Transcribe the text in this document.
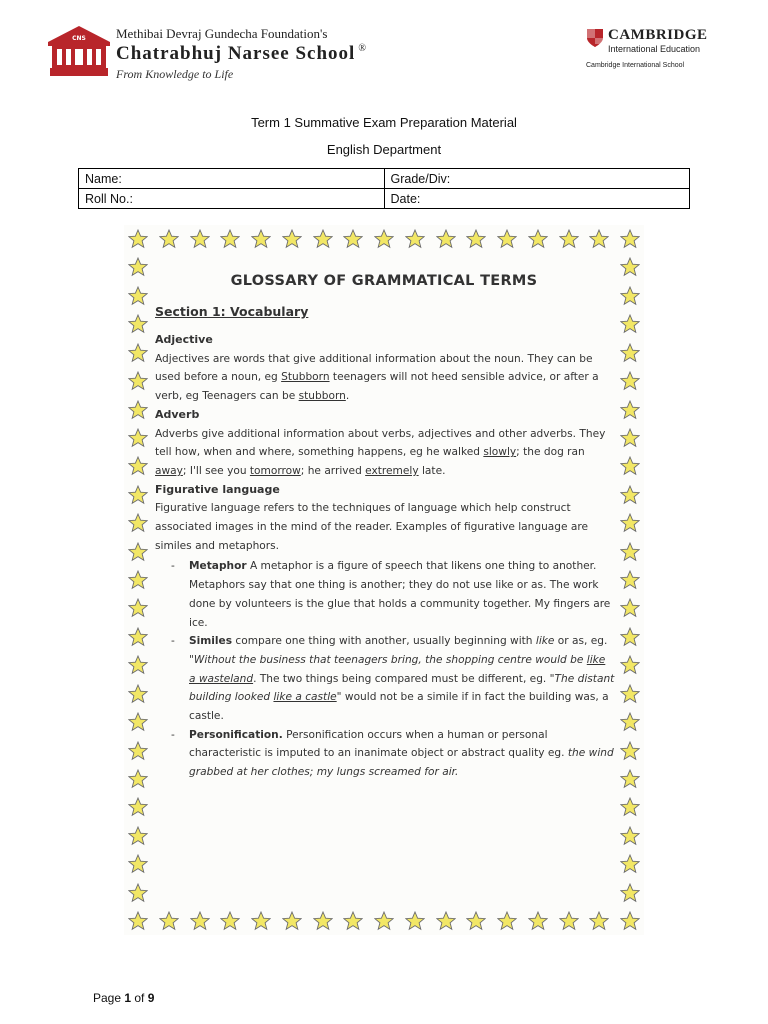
CNS Methibai Devraj Gundecha Foundation's
Chatrabhuj Narsee School ®
From Knowledge to Life
CAMBRIDGE
International Education
Cambridge International School
Term 1 Summative Exam Preparation Material
English Department
Name:	Grade/Div:
Roll No.:	Date:
GLOSSARY OF GRAMMATICAL TERMS
Section 1: Vocabulary
Adjective

Adjectives are words that give additional information about the noun. They can be used before a noun, eg Stubborn teenagers will not heed sensible advice, or after a verb, eg Teenagers can be stubborn.

Adverb

Adverbs give additional information about verbs, adjectives and other adverbs. They tell how, when and where, something happens, eg he walked slowly; the dog ran away; I'll see you tomorrow; he arrived extremely late.

Figurative language

Figurative language refers to the techniques of language which help construct associated images in the mind of the reader. Examples of figurative language are similes and metaphors.

- Metaphor A metaphor is a figure of speech that likens one thing to another. Metaphors say that one thing is another; they do not use like or as. The work done by volunteers is the glue that holds a community together. My fingers are ice.
- Similes compare one thing with another, usually beginning with like or as, eg. "Without the business that teenagers bring, the shopping centre would be like a wasteland. The two things being compared must be different, eg. "The distant building looked like a castle" would not be a simile if in fact the building was, a castle.
- Personification. Personification occurs when a human or personal characteristic is imputed to an inanimate object or abstract quality eg. the wind grabbed at her clothes; my lungs screamed for air.
Page 1 of 9
